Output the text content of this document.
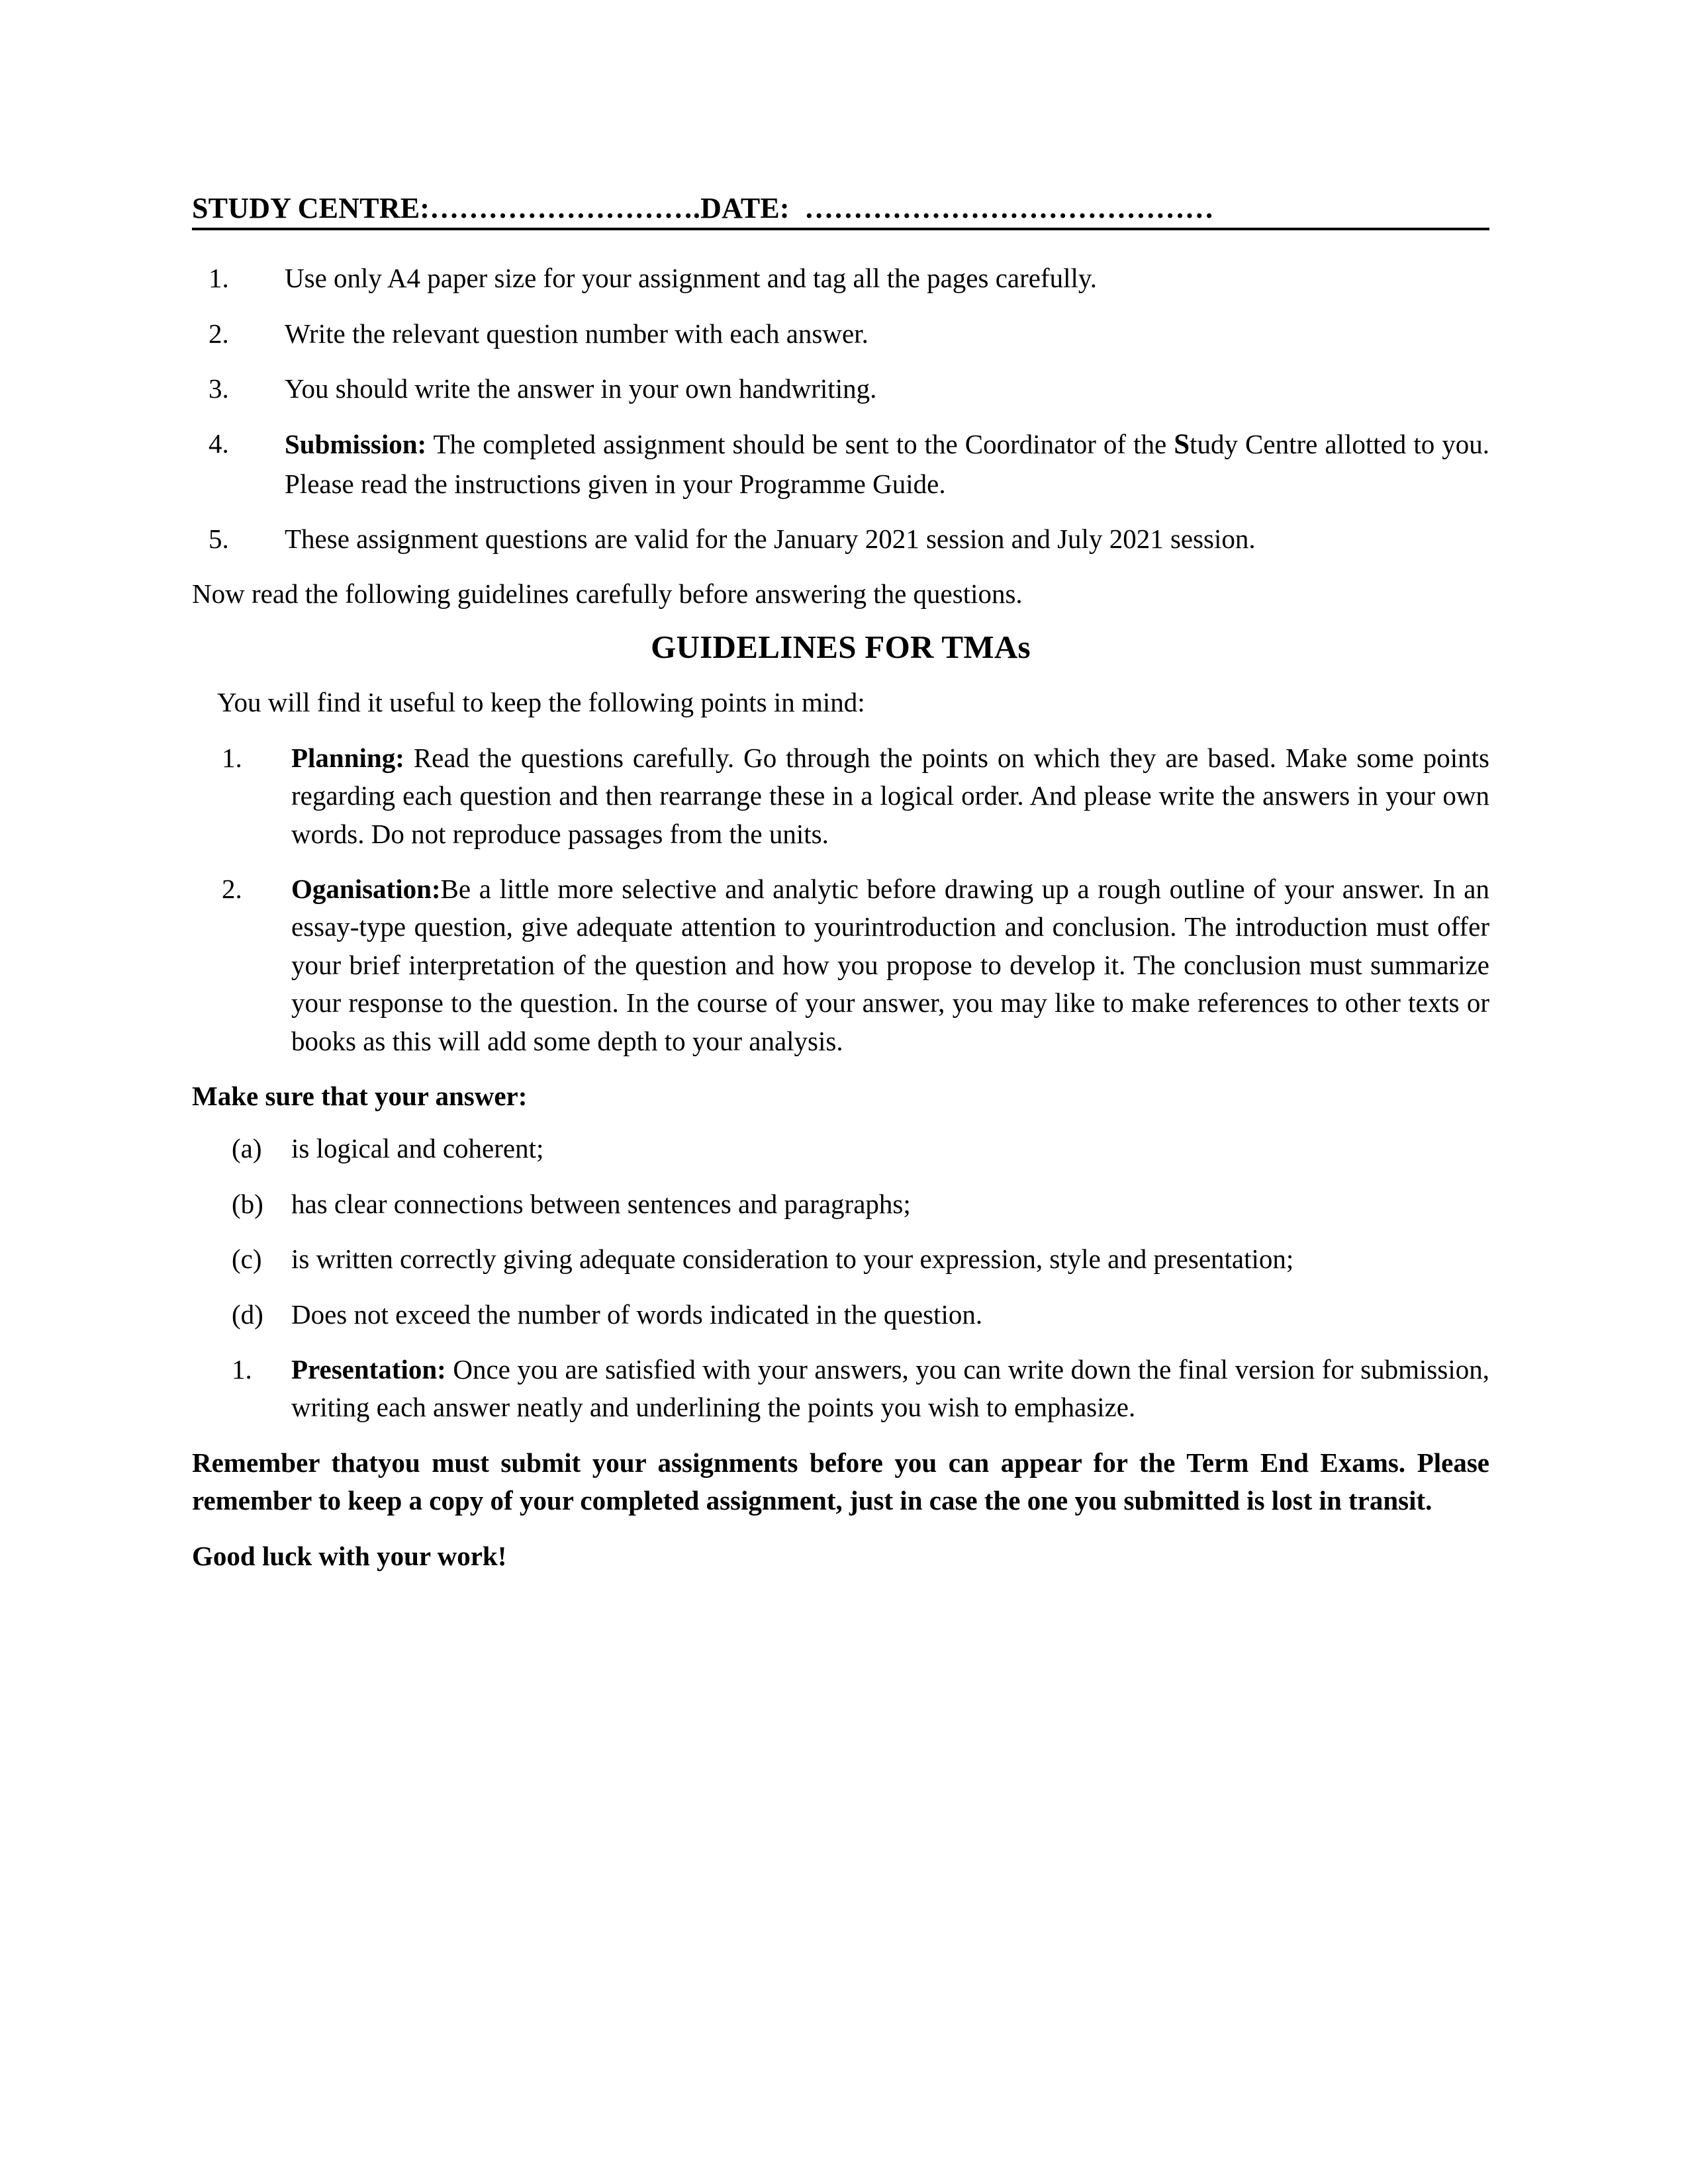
STUDY CENTRE:……………………….DATE:  ……………………………………
1.	Use only A4 paper size for your assignment and tag all the pages carefully.
2.	Write the relevant question number with each answer.
3.	You should write the answer in your own handwriting.
4.	Submission: The completed assignment should be sent to the Coordinator of the Study Centre allotted to you. Please read the instructions given in your Programme Guide.
5.	These assignment questions are valid for the January 2021 session and July 2021 session.

Now read the following guidelines carefully before answering the questions.

GUIDELINES FOR TMAs

You will find it useful to keep the following points in mind:

1.	Planning: Read the questions carefully. Go through the points on which they are based. Make some points regarding each question and then rearrange these in a logical order. And please write the answers in your own words. Do not reproduce passages from the units.
2.	Oganisation:Be a little more selective and analytic before drawing up a rough outline of your answer. In an essay-type question, give adequate attention to yourintroduction and conclusion. The introduction must offer your brief interpretation of the question and how you propose to develop it. The conclusion must summarize your response to the question. In the course of your answer, you may like to make references to other texts or books as this will add some depth to your analysis.

Make sure that your answer:

(a)	is logical and coherent;
(b)	has clear connections between sentences and paragraphs;
(c)	is written correctly giving adequate consideration to your expression, style and presentation;
(d)	Does not exceed the number of words indicated in the question.
1.	Presentation: Once you are satisfied with your answers, you can write down the final version for submission, writing each answer neatly and underlining the points you wish to emphasize.

Remember thatyou must submit your assignments before you can appear for the Term End Exams. Please remember to keep a copy of your completed assignment, just in case the one you submitted is lost in transit.

Good luck with your work!
